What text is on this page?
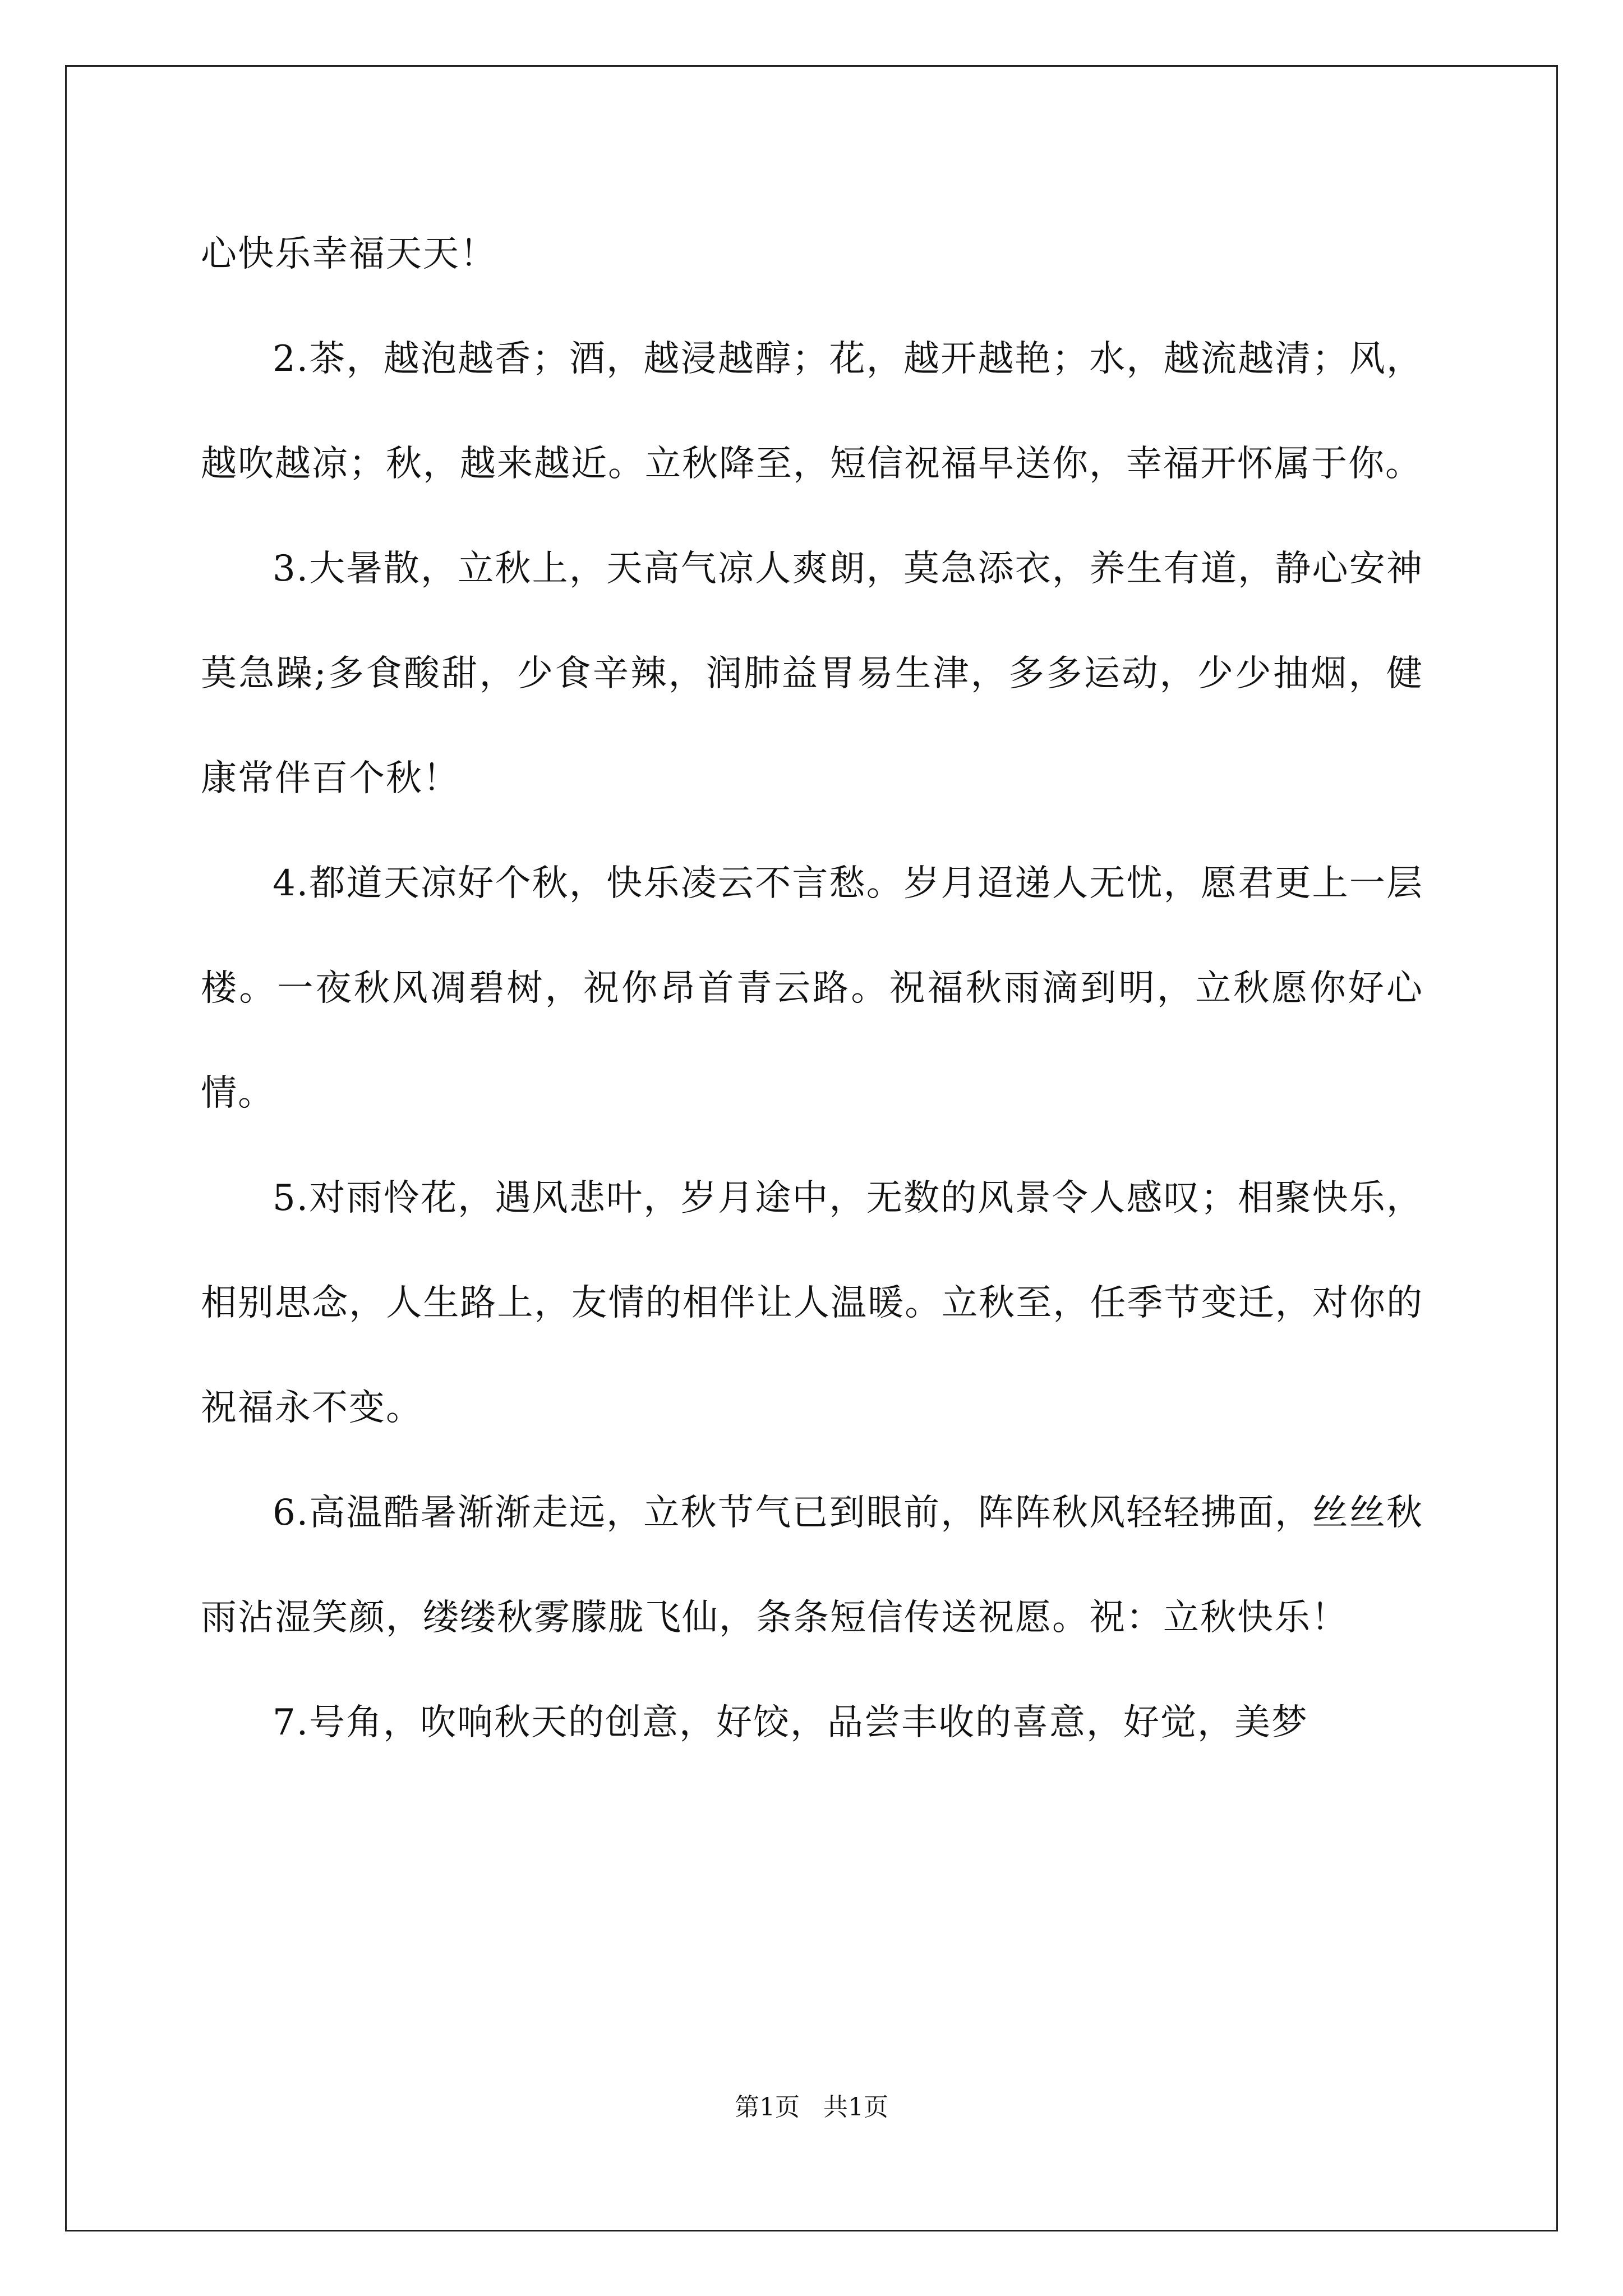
心快乐幸福天天！

2.茶，越泡越香；酒，越浸越醇；花，越开越艳；水，越流越清；风，越吹越凉；秋，越来越近。立秋降至，短信祝福早送你，幸福开怀属于你。

3.大暑散，立秋上，天高气凉人爽朗，莫急添衣，养生有道，静心安神莫急躁;多食酸甜，少食辛辣，润肺益胃易生津，多多运动，少少抽烟，健康常伴百个秋！

4.都道天凉好个秋，快乐凌云不言愁。岁月迢递人无忧，愿君更上一层楼。一夜秋风凋碧树，祝你昂首青云路。祝福秋雨滴到明，立秋愿你好心情。

5.对雨怜花，遇风悲叶，岁月途中，无数的风景令人感叹；相聚快乐，相别思念，人生路上，友情的相伴让人温暖。立秋至，任季节变迁，对你的祝福永不变。

6.高温酷暑渐渐走远，立秋节气已到眼前，阵阵秋风轻轻拂面，丝丝秋雨沾湿笑颜，缕缕秋雾朦胧飞仙，条条短信传送祝愿。祝：立秋快乐！

7.号角，吹响秋天的创意，好饺，品尝丰收的喜意，好觉，美梦

第1页   共1页
